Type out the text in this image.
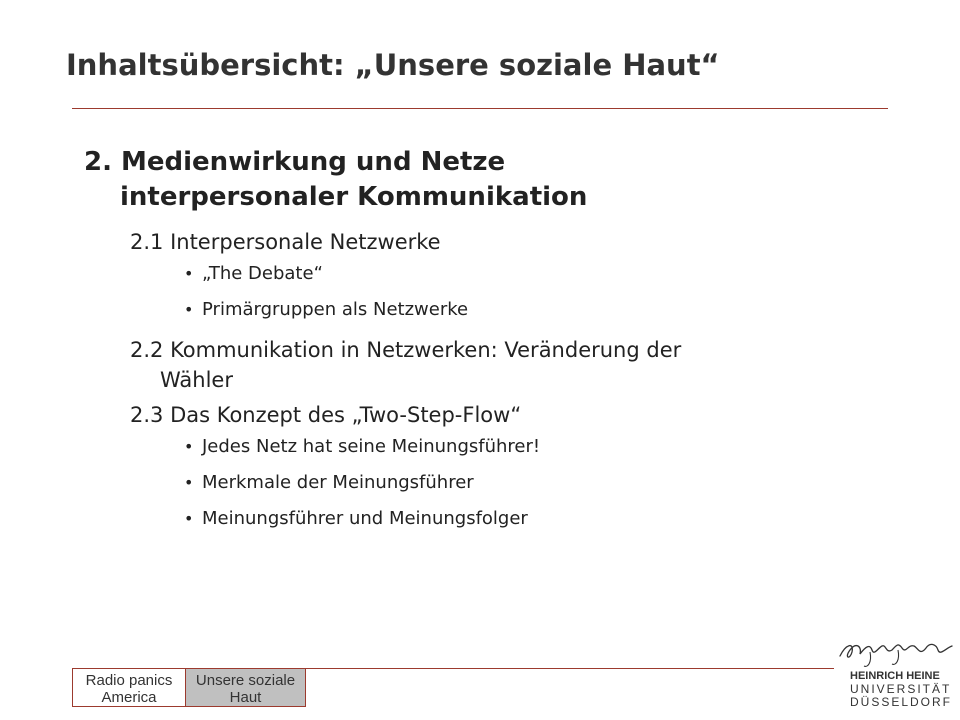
Inhaltsübersicht: „Unsere soziale Haut“
2. Medienwirkung und Netze
interpersonaler Kommunikation
2.1 Interpersonale Netzwerke
• „The Debate“
• Primärgruppen als Netzwerke
2.2 Kommunikation in Netzwerken: Veränderung der
Wähler
2.3 Das Konzept des „Two-Step-Flow“
• Jedes Netz hat seine Meinungsführer!
• Merkmale der Meinungsführer
• Meinungsführer und Meinungsfolger
Radio panics
America
Unsere soziale
Haut
HEINRICH HEINE
UNIVERSITÄT
DÜSSELDORF
